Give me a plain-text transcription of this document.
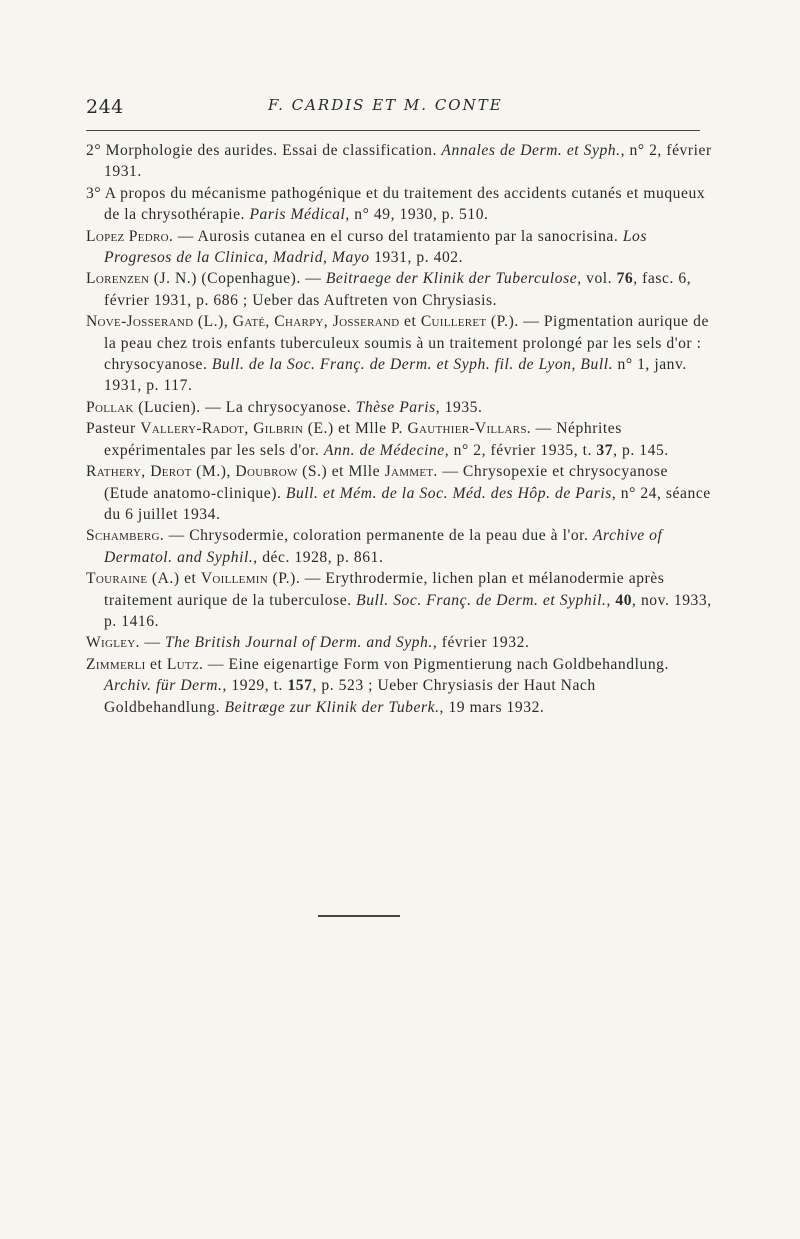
244	F. CARDIS ET M. CONTE

2° Morphologie des aurides. Essai de classification. Annales de Derm. et Syph., n° 2, février 1931.

3° A propos du mécanisme pathogénique et du traitement des accidents cutanés et muqueux de la chrysothérapie. Paris Médical, n° 49, 1930, p. 510.

Lopez Pedro. — Aurosis cutanea en el curso del tratamiento par la sanocrisina. Los Progresos de la Clinica, Madrid, Mayo 1931, p. 402.

Lorenzen (J. N.) (Copenhague). — Beitraege der Klinik der Tuberculose, vol. 76, fasc. 6, février 1931, p. 686 ; Ueber das Auftreten von Chrysiasis.

Nove-Josserand (L.), Gaté, Charpy, Josserand et Cuilleret (P.). — Pigmentation aurique de la peau chez trois enfants tuberculeux soumis à un traitement prolongé par les sels d'or : chrysocyanose. Bull. de la Soc. Franç. de Derm. et Syph. fil. de Lyon, Bull. n° 1, janv. 1931, p. 117.

Pollak (Lucien). — La chrysocyanose. Thèse Paris, 1935.

Pasteur Vallery-Radot, Gilbrin (E.) et Mlle P. Gauthier-Villars. — Néphrites expérimentales par les sels d'or. Ann. de Médecine, n° 2, février 1935, t. 37, p. 145.

Rathery, Derot (M.), Doubrow (S.) et Mlle Jammet. — Chrysopexie et chrysocyanose (Etude anatomo-clinique). Bull. et Mém. de la Soc. Méd. des Hôp. de Paris, n° 24, séance du 6 juillet 1934.

Schamberg. — Chrysodermie, coloration permanente de la peau due à l'or. Archive of Dermatol. and Syphil., déc. 1928, p. 861.

Touraine (A.) et Voillemin (P.). — Erythrodermie, lichen plan et mélanodermie après traitement aurique de la tuberculose. Bull. Soc. Franç. de Derm. et Syphil., 40, nov. 1933, p. 1416.

Wigley. — The British Journal of Derm. and Syph., février 1932.

Zimmerli et Lutz. — Eine eigenartige Form von Pigmentierung nach Goldbehandlung. Archiv. für Derm., 1929, t. 157, p. 523 ; Ueber Chrysiasis der Haut Nach Goldbehandlung. Beitræge zur Klinik der Tuberk., 19 mars 1932.
